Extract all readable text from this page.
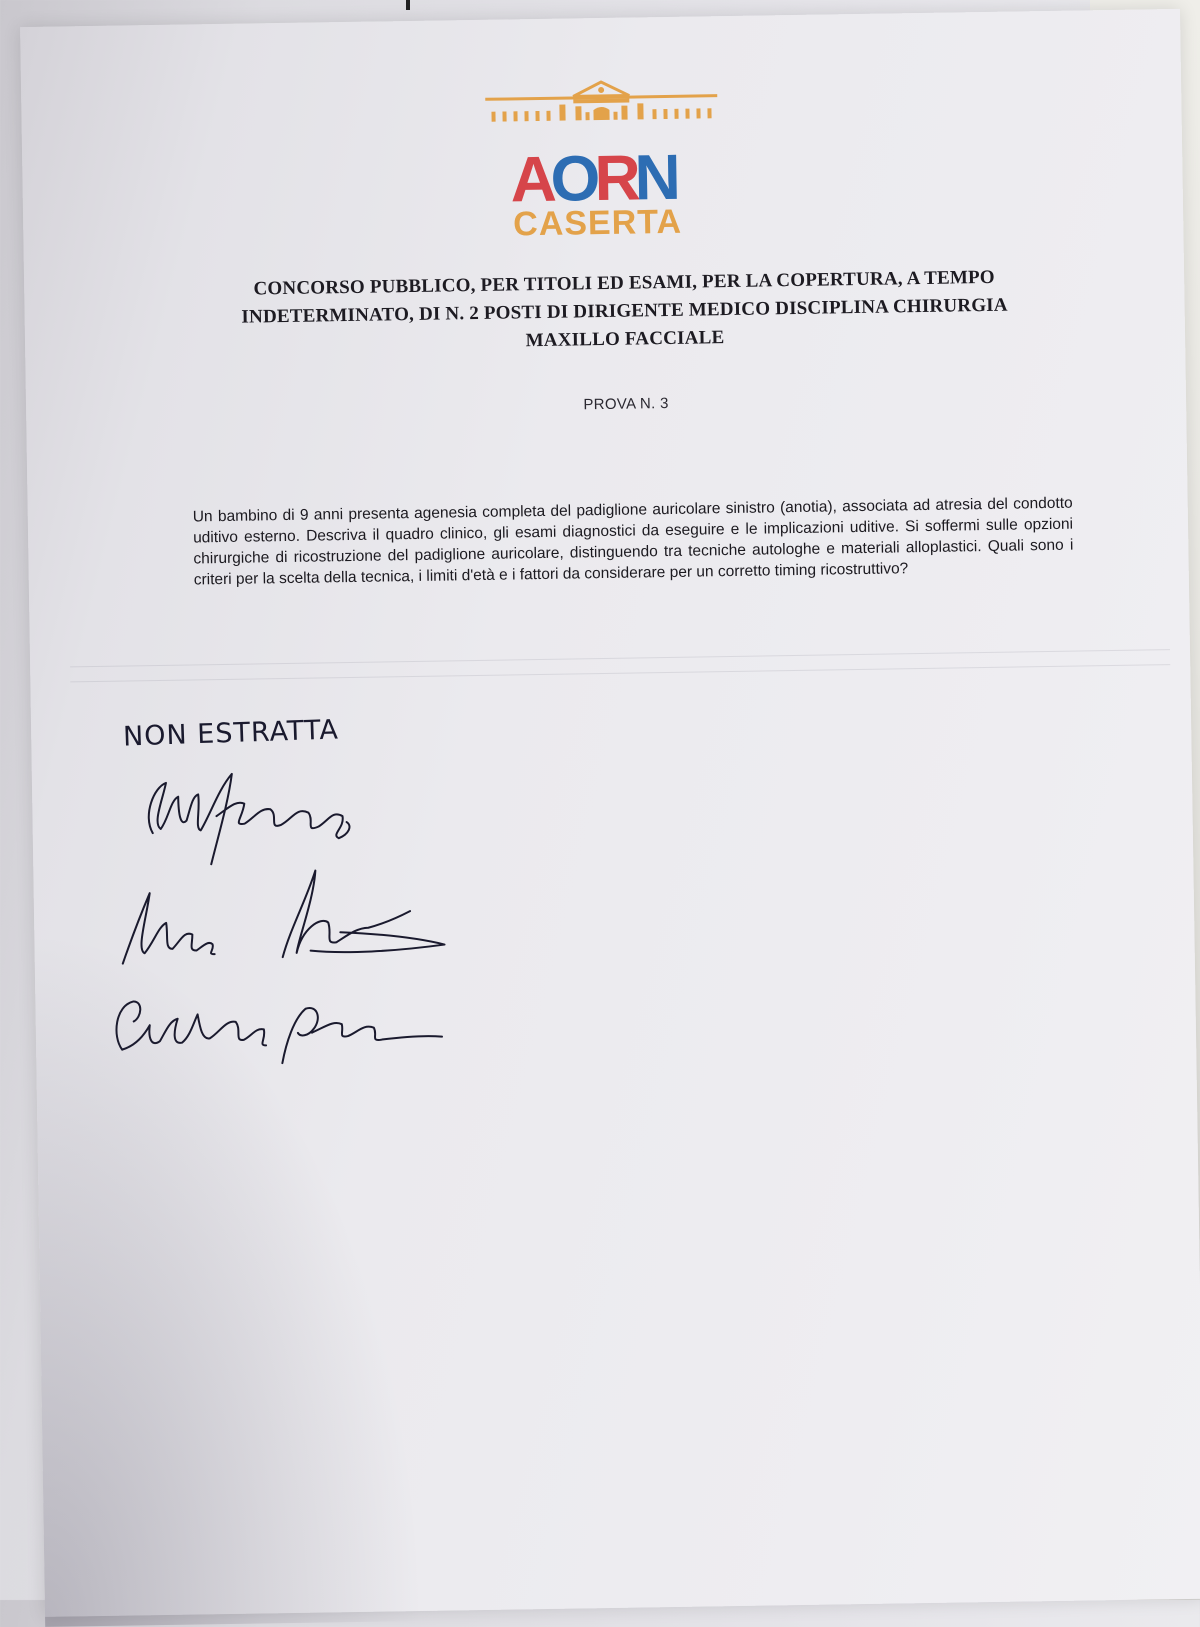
A
O
R
N
CASERTA
CONCORSO PUBBLICO, PER TITOLI ED ESAMI, PER LA COPERTURA, A TEMPO
INDETERMINATO, DI N. 2 POSTI DI DIRIGENTE MEDICO DISCIPLINA CHIRURGIA
MAXILLO FACCIALE
PROVA N. 3
Un bambino di 9 anni presenta agenesia completa del padiglione auricolare sinistro (anotia), associata ad atresia del condotto uditivo esterno. Descriva il quadro clinico, gli esami diagnostici da eseguire e le implicazioni uditive. Si soffermi sulle opzioni chirurgiche di ricostruzione del padiglione auricolare, distinguendo tra tecniche autologhe e materiali alloplastici. Quali sono i criteri per la scelta della tecnica, i limiti d'età e i fattori da considerare per un corretto timing ricostruttivo?
NON ESTRATTA
